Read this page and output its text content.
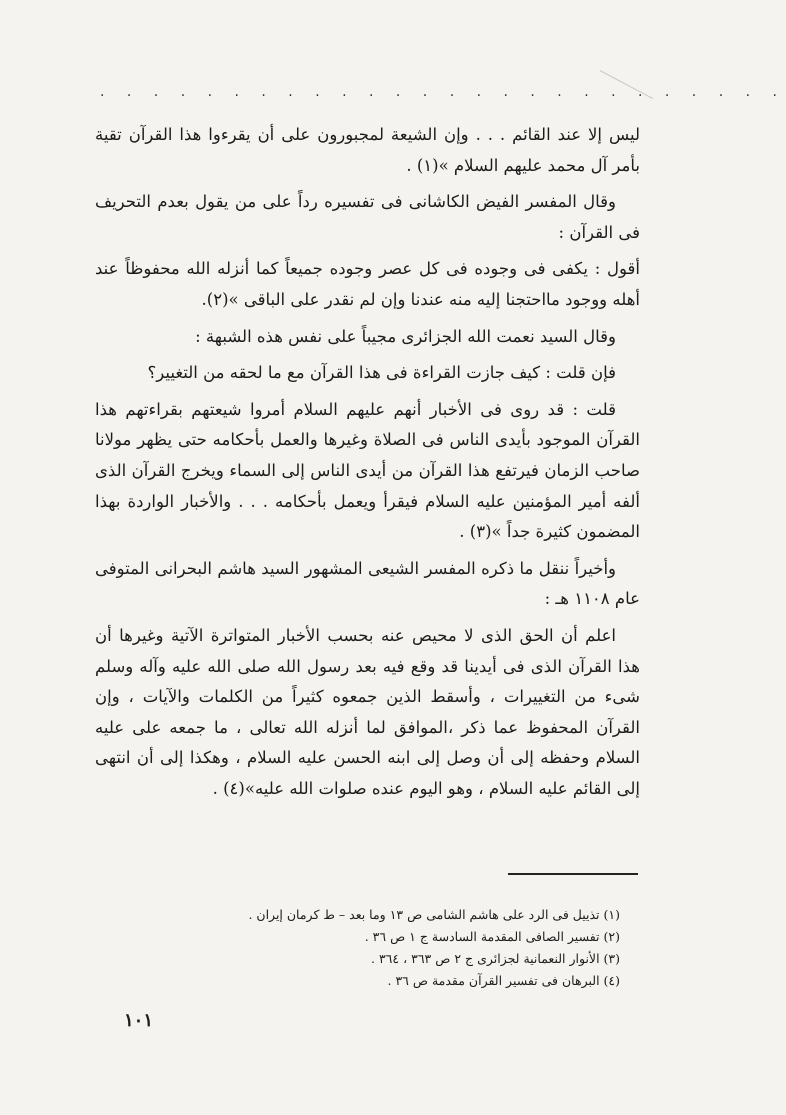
. . . . . . . . . . . . . . . . . . . . . . . . . .

ليس إلا عند القائم . . . وإن الشيعة لمجبورون على أن يقرءوا هذا القرآن تقية بأمر آل محمد عليهم السلام »(١) .

وقال المفسر الفيض الكاشانى فى تفسيره رداً على من يقول بعدم التحريف فى القرآن :

أقول : يكفى فى وجوده فى كل عصر وجوده جميعاً كما أنزله الله محفوظاً عند أهله ووجود مااحتجنا إليه منه عندنا وإن لم نقدر على الباقى »(٢).

وقال السيد نعمت الله الجزائرى مجيباً على نفس هذه الشبهة :

فإن قلت : كيف جازت القراءة فى هذا القرآن مع ما لحقه من التغيير؟

قلت : قد روى فى الأخبار أنهم عليهم السلام أمروا شيعتهم بقراءتهم هذا القرآن الموجود بأيدى الناس فى الصلاة وغيرها والعمل بأحكامه حتى يظهر مولانا صاحب الزمان فيرتفع هذا القرآن من أيدى الناس إلى السماء ويخرج القرآن الذى ألفه أمير المؤمنين عليه السلام فيقرأ ويعمل بأحكامه . . . والأخبار الواردة بهذا المضمون كثيرة جداً »(٣) .

وأخيراً ننقل ما ذكره المفسر الشيعى المشهور السيد هاشم البحرانى المتوفى عام ١١٠٨ هـ :

اعلم أن الحق الذى لا محيص عنه بحسب الأخبار المتواترة الآتية وغيرها أن هذا القرآن الذى فى أيدينا قد وقع فيه بعد رسول الله صلى الله عليه وآله وسلم شىء من التغييرات ، وأسقط الذين جمعوه كثيراً من الكلمات والآيات ، وإن القرآن المحفوظ عما ذكر ،الموافق لما أنزله الله تعالى ، ما جمعه على عليه السلام وحفظه إلى أن وصل إلى ابنه الحسن عليه السلام ، وهكذا إلى أن انتهى إلى القائم عليه السلام ، وهو اليوم عنده صلوات الله عليه»(٤) .

(١) تذييل فى الرد على هاشم الشامى ص ١٣ وما بعد – ط كرمان إيران .
(٢) تفسير الصافى المقدمة السادسة ج ١ ص ٣٦ .
(٣) الأنوار النعمانية لجزائرى ج ٢ ص ٣٦٣ ، ٣٦٤ .
(٤) البرهان فى تفسير القرآن مقدمة ص ٣٦ .
١٠١
